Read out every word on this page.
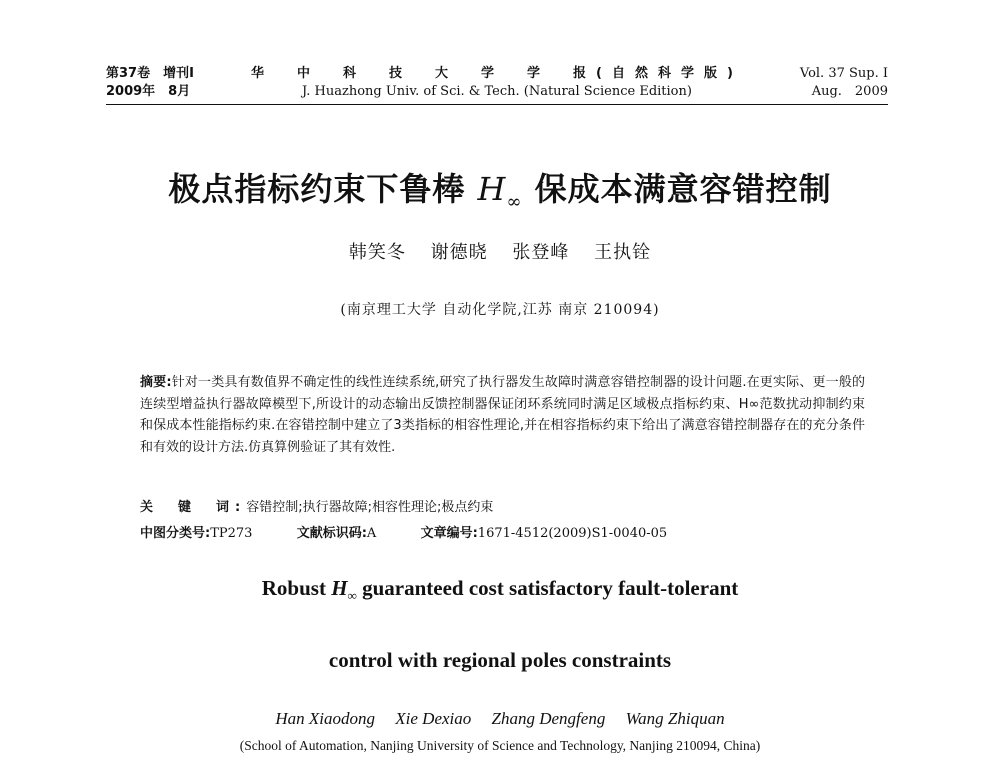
第37卷　增刊Ⅰ	华　中　科　技　大　学　学　报(自然科学版)	Vol. 37 Sup. Ⅰ
2009年　8月	J. Huazhong Univ. of Sci. & Tech. (Natural Science Edition)	Aug.　2009
极点指标约束下鲁棒 $H_\infty$ 保成本满意容错控制
韩笑冬 谢德晓 张登峰 王执铨
(南京理工大学 自动化学院,江苏 南京 210094)
摘要:针对一类具有数值界不确定性的线性连续系统,研究了执行器发生故障时满意容错控制器的设计问题.在更实际、更一般的连续型增益执行器故障模型下,所设计的动态输出反馈控制器保证闭环系统同时满足区域极点指标约束、H∞范数扰动抑制约束和保成本性能指标约束.在容错控制中建立了3类指标的相容性理论,并在相容指标约束下给出了满意容错控制器存在的充分条件和有效的设计方法.仿真算例验证了其有效性.
关　键　词:容错控制;执行器故障;相容性理论;极点约束
中图分类号:TP273	文献标识码:A	文章编号:1671-4512(2009)S1-0040-05
Robust $H_\infty$ guaranteed cost satisfactory fault-tolerant
control with regional poles constraints
Han Xiaodong Xie Dexiao Zhang Dengfeng Wang Zhiquan
(School of Automation, Nanjing University of Science and Technology, Nanjing 210094, China)
